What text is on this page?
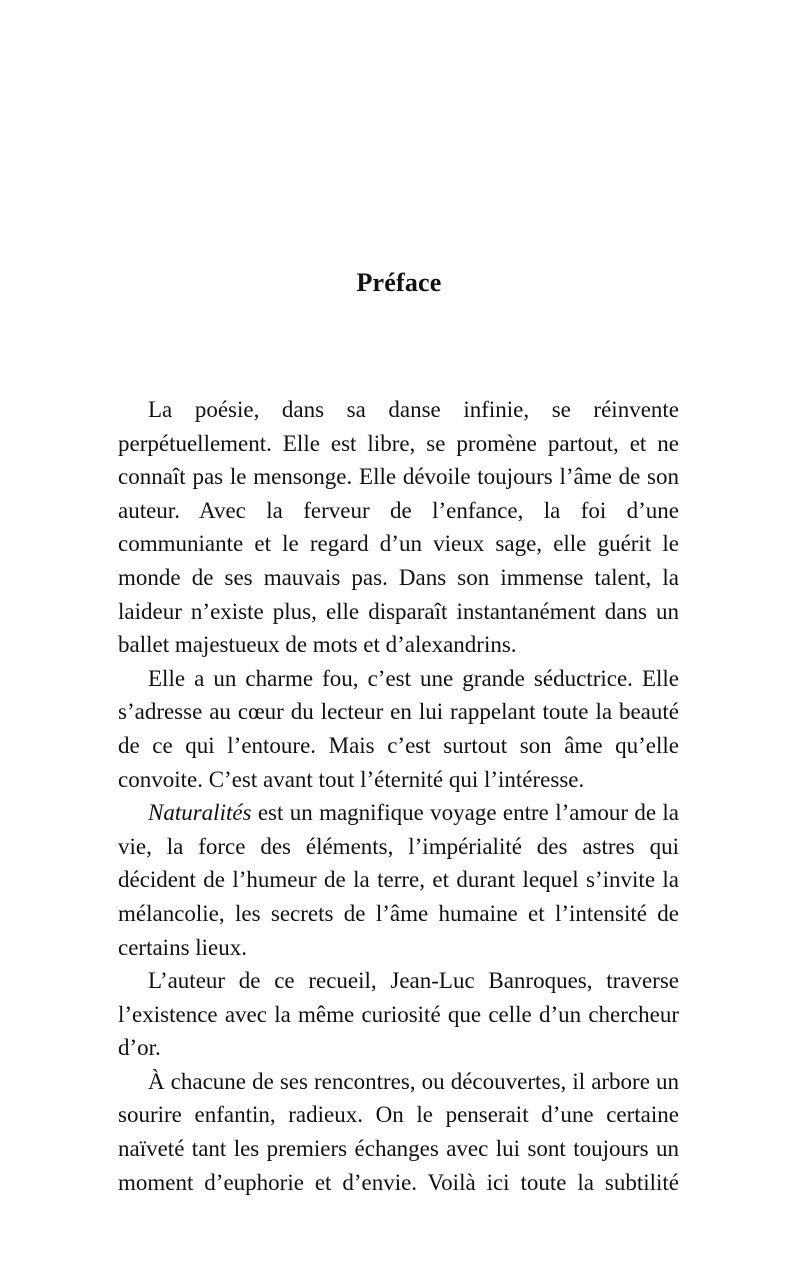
Préface

La poésie, dans sa danse infinie, se réinvente perpétuellement. Elle est libre, se promène partout, et ne connaît pas le mensonge. Elle dévoile toujours l’âme de son auteur. Avec la ferveur de l’enfance, la foi d’une communiante et le regard d’un vieux sage, elle guérit le monde de ses mauvais pas. Dans son immense talent, la laideur n’existe plus, elle disparaît instantanément dans un ballet majestueux de mots et d’alexandrins.

Elle a un charme fou, c’est une grande séductrice. Elle s’adresse au cœur du lecteur en lui rappelant toute la beauté de ce qui l’entoure. Mais c’est surtout son âme qu’elle convoite. C’est avant tout l’éternité qui l’intéresse.

Naturalités est un magnifique voyage entre l’amour de la vie, la force des éléments, l’impérialité des astres qui décident de l’humeur de la terre, et durant lequel s’invite la mélancolie, les secrets de l’âme humaine et l’intensité de certains lieux.

L’auteur de ce recueil, Jean-Luc Banroques, traverse l’existence avec la même curiosité que celle d’un chercheur d’or.

À chacune de ses rencontres, ou découvertes, il arbore un sourire enfantin, radieux. On le penserait d’une certaine naïveté tant les premiers échanges avec lui sont toujours un moment d’euphorie et d’envie. Voilà ici toute la subtilité
